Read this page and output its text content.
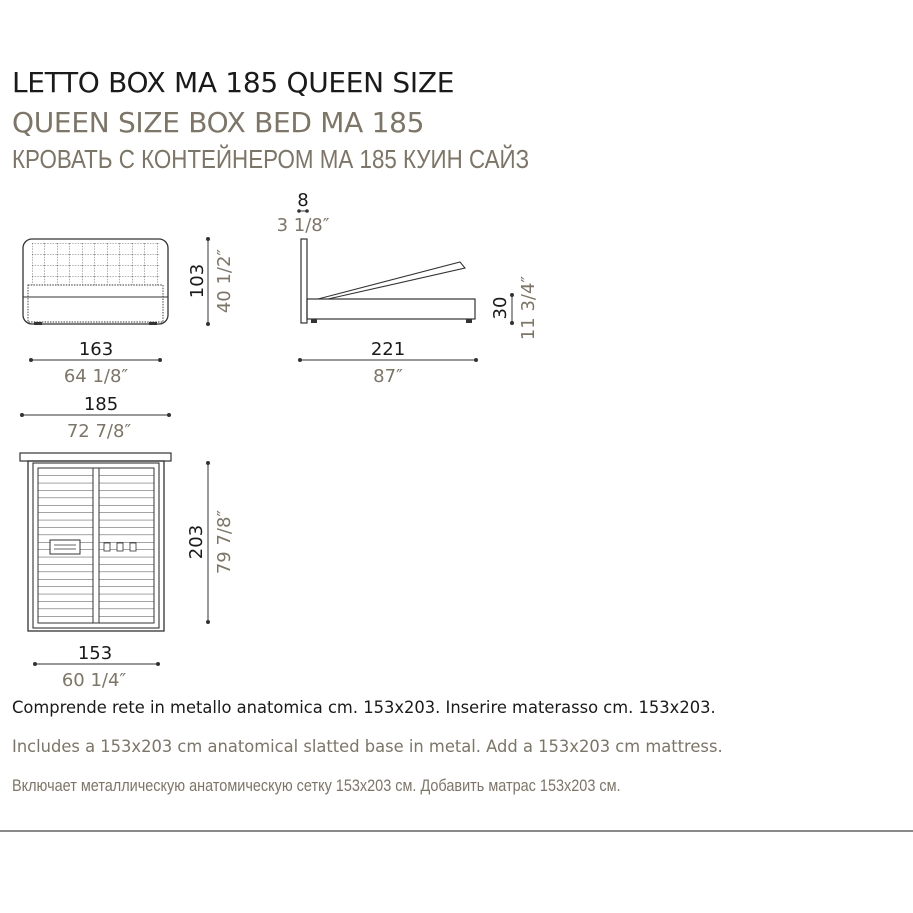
LETTO BOX MA 185 QUEEN SIZE
QUEEN SIZE BOX BED MA 185
КРОВАТЬ С КОНТЕЙНЕРОМ МА 185 КУИН САЙЗ
163
64 1/8″
103 40 1/2″
8
3 1/8″
221
87″
30 11 3/4″
185
72 7/8″
203 79 7/8″
153
60 1/4″
Comprende rete in metallo anatomica cm. 153x203. Inserire materasso cm. 153x203.
Includes a 153x203 cm anatomical slatted base in metal. Add a 153x203 cm mattress.
Включает металлическую анатомическую сетку 153x203 см. Добавить матрас 153x203 см.
